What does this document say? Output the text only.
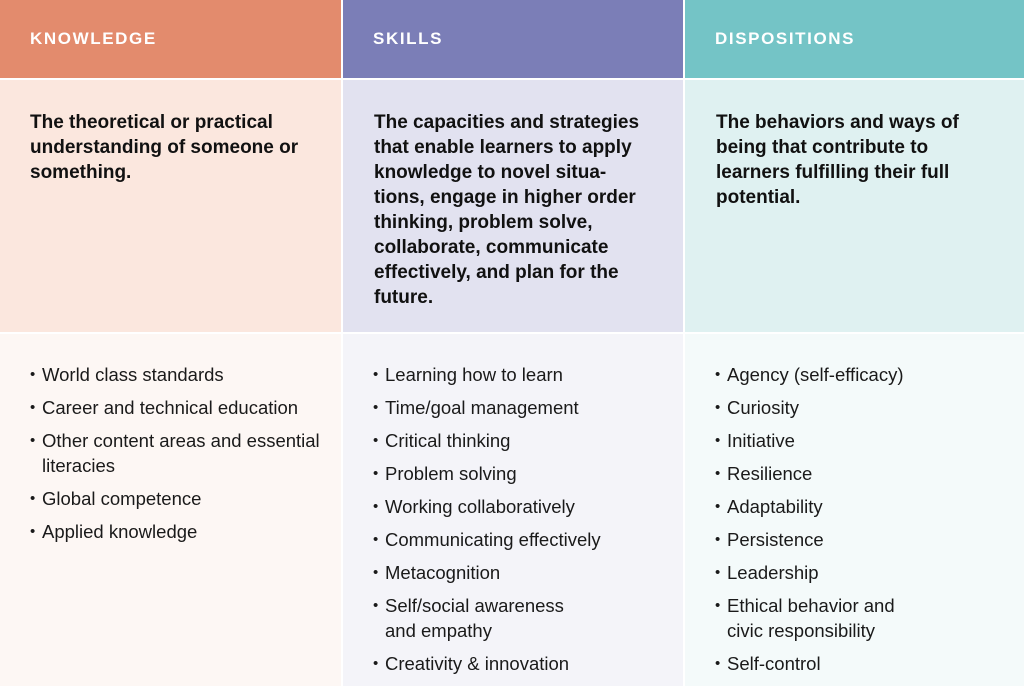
KNOWLEDGE	SKILLS	DISPOSITIONS
The theoretical or practical understanding of someone or something.
The capacities and strategies that enable learners to apply knowledge to novel situa-tions, engage in higher order thinking, problem solve, collaborate, communicate effectively, and plan for the future.
The behaviors and ways of being that contribute to learners fulfilling their full potential.
• World class standards
• Career and technical education
• Other content areas and essential literacies
• Global competence
• Applied knowledge
• Learning how to learn
• Time/goal management
• Critical thinking
• Problem solving
• Working collaboratively
• Communicating effectively
• Metacognition
• Self/social awareness and empathy
• Creativity & innovation
• Agency (self-efficacy)
• Curiosity
• Initiative
• Resilience
• Adaptability
• Persistence
• Leadership
• Ethical behavior and civic responsibility
• Self-control
